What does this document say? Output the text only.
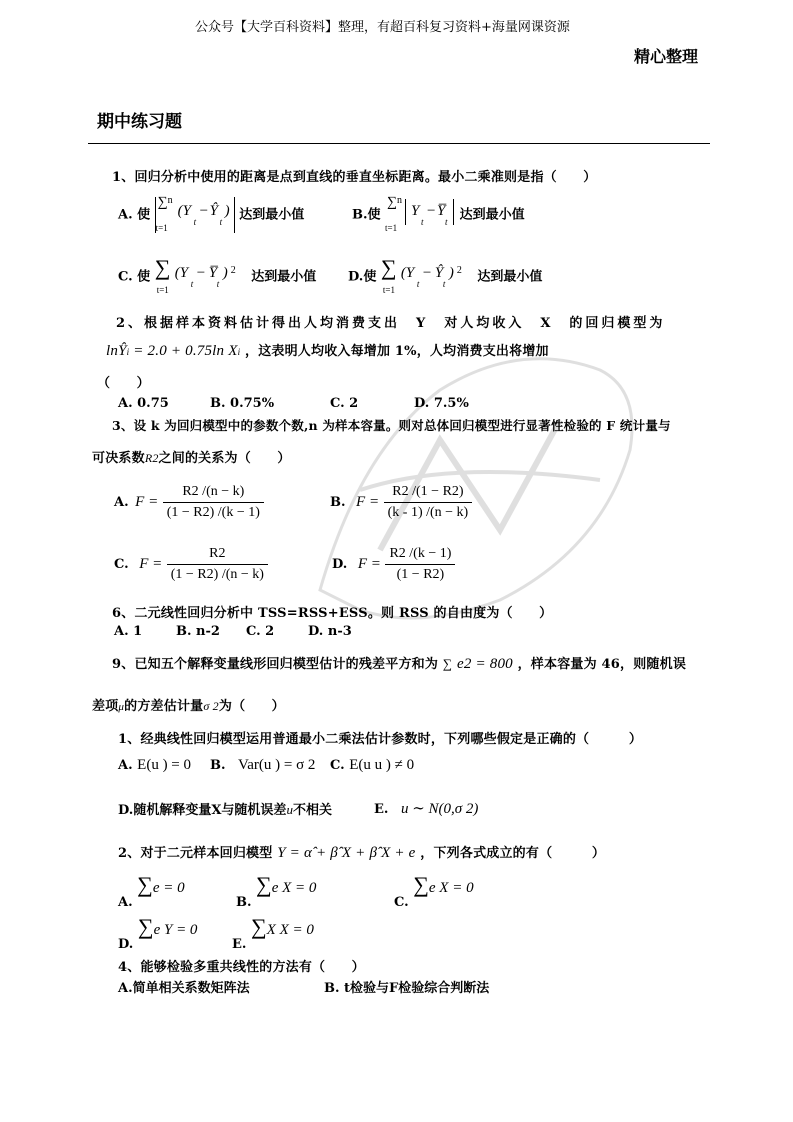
公众号【大学百科资料】整理，有超百科复习资料+海量网课资源
精心整理
期中练习题
1、回归分析中使用的距离是点到直线的垂直坐标距离。最小二乘准则是指（　　）
A. 使
∑ n
t=1
(Y
t
− Ŷ
t
) 达到最小值	B.使
∑ n
t=1
Y
t
− Y̅
t 达到最小值
C. 使 ∑
t=1
(Y
t
− Y̅
t
) 2 达到最小值 D.使 ∑
t=1
(Y
t
− Ŷ
t
) 2 达到最小值
2、根据样本资料估计得出人均消费支出　Y　对人均收入　X　的回归模型为
lnŶi = 2.0 + 0.75ln Xi ，这表明人均收入每增加 1%，人均消费支出将增加
（　　）
A. 0.75	B. 0.75%	C. 2	D. 7.5%
3、设 k 为回归模型中的参数个数,n 为样本容量。则对总体回归模型进行显著性检验的 F 统计量与
可决系数R2之间的关系为（　　）
A. $F = \frac{R2 /(n - k)}{(1 - R2) /(k - 1)}$	B. $F = \frac{R2 /(1 - R2)}{(k - 1) /(n - k)}$
C. $F = \frac{R2}{(1 - R2) /(n - k)}$	D. $F = \frac{R2 /(k - 1)}{(1 - R2)}$
6、二元线性回归分析中 TSS=RSS+ESS。则 RSS 的自由度为（　　）
A. 1	B. n-2 C. 2	D. n-3
9、已知五个解释变量线形回归模型估计的残差平方和为 ∑ e2 = 800 ，样本容量为 46，则随机误
差项μ的方差估计量σ 2为（　　）
1、经典线性回归模型运用普通最小二乘法估计参数时，下列哪些假定是正确的（　　　）
A. E(u ) = 0 B. Var(u ) = σ 2 C. E(u u ) ≠ 0
D.随机解释变量X与随机误差u不相关	E. u ∼ N(0,σ 2)
2、对于二元样本回归模型 Y = α̂ + β̂ X + β̂ X + e ，下列各式成立的有（　　　）
A. ∑e = 0
B. ∑e X = 0
C. ∑e X = 0
D. ∑e Y = 0
E. ∑X X = 0
4、能够检验多重共线性的方法有（　　）
A.简单相关系数矩阵法	B. t检验与F检验综合判断法
